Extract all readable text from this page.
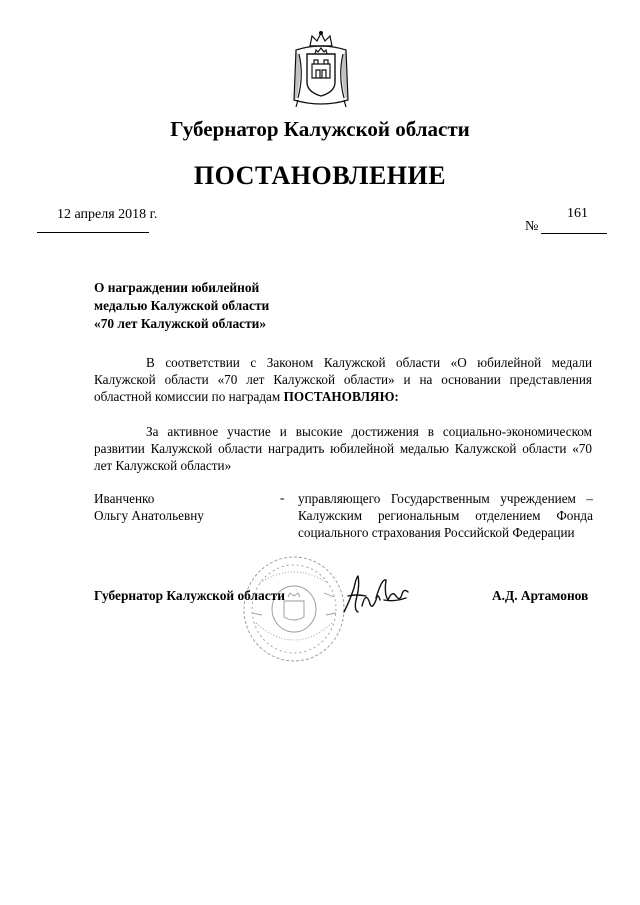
Губернатор Калужской области
ПОСТАНОВЛЕНИЕ
12 апреля 2018 г.	161
№
О награждении юбилейной
медалью Калужской области
«70 лет Калужской области»
В соответствии с Законом Калужской области «О юбилейной медали Калужской области «70 лет Калужской области» и на основании представления областной комиссии по наградам ПОСТАНОВЛЯЮ:
За активное участие и высокие достижения в социально-экономическом развитии Калужской области наградить юбилейной медалью Калужской области «70 лет Калужской области»
Иванченко
Ольгу Анатольевну
- управляющего Государственным учреждением – Калужским региональным отделением Фонда социального страхования Российской Федерации
Губернатор Калужской области	А.Д. Артамонов
